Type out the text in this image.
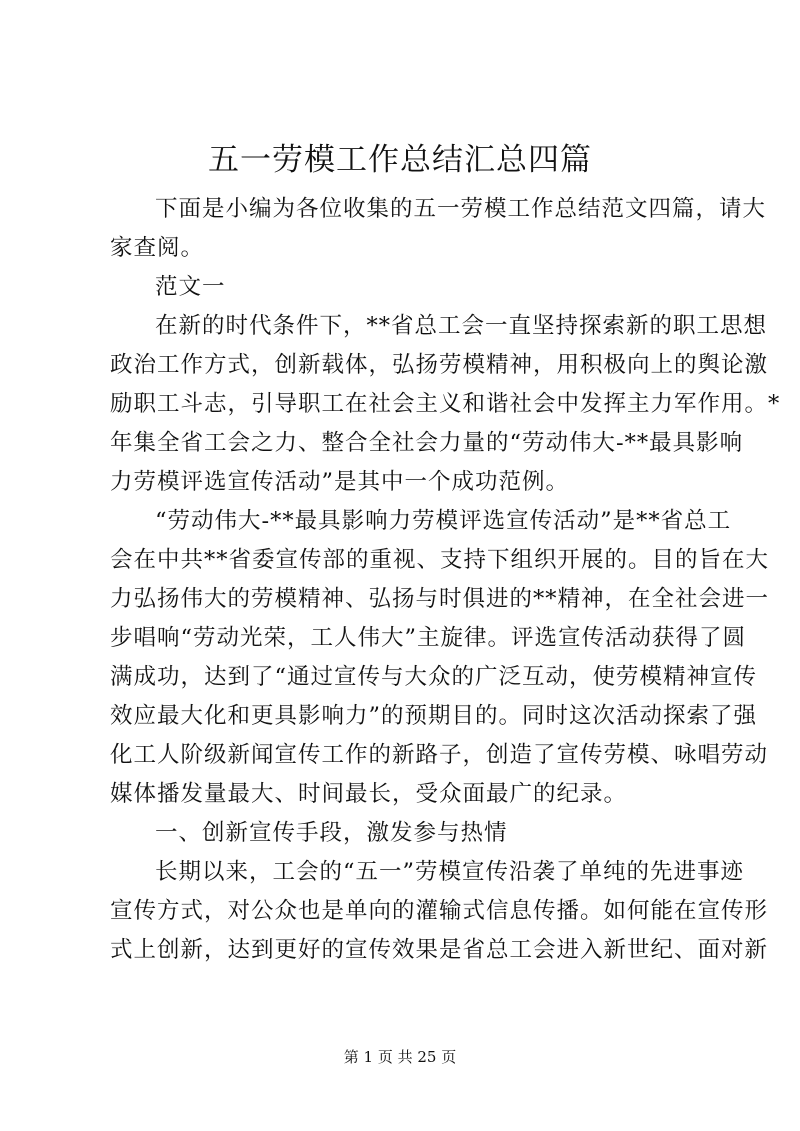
五一劳模工作总结汇总四篇

下面是小编为各位收集的五一劳模工作总结范文四篇，请大
家查阅。

范文一

在新的时代条件下，**省总工会一直坚持探索新的职工思想
政治工作方式，创新载体，弘扬劳模精神，用积极向上的舆论激
励职工斗志，引导职工在社会主义和谐社会中发挥主力军作用。*
年集全省工会之力、整合全社会力量的“劳动伟大-**最具影响
力劳模评选宣传活动”是其中一个成功范例。

“劳动伟大-**最具影响力劳模评选宣传活动”是**省总工
会在中共**省委宣传部的重视、支持下组织开展的。目的旨在大
力弘扬伟大的劳模精神、弘扬与时俱进的**精神，在全社会进一
步唱响“劳动光荣，工人伟大”主旋律。评选宣传活动获得了圆
满成功，达到了“通过宣传与大众的广泛互动，使劳模精神宣传
效应最大化和更具影响力”的预期目的。同时这次活动探索了强
化工人阶级新闻宣传工作的新路子，创造了宣传劳模、咏唱劳动
媒体播发量最大、时间最长，受众面最广的纪录。

一、创新宣传手段，激发参与热情

长期以来，工会的“五一”劳模宣传沿袭了单纯的先进事迹
宣传方式，对公众也是单向的灌输式信息传播。如何能在宣传形
式上创新，达到更好的宣传效果是省总工会进入新世纪、面对新

第 1 页 共 25 页
